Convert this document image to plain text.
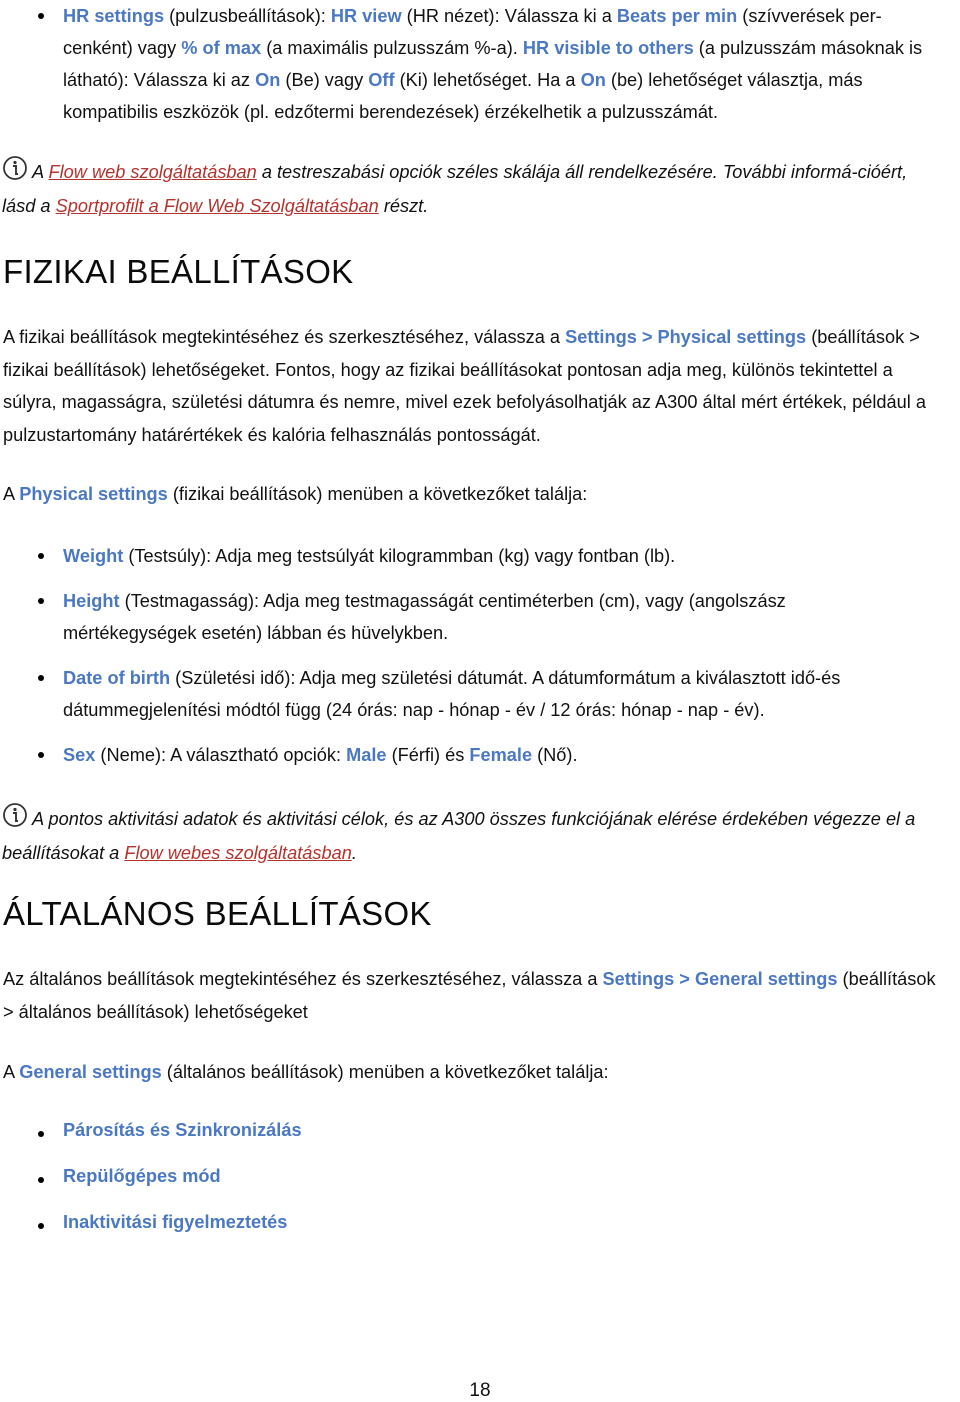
HR settings (pulzusbeállítások): HR view (HR nézet): Válassza ki a Beats per min (szívverések per-cenként) vagy % of max (a maximális pulzusszám %-a). HR visible to others (a pulzusszám másoknak is látható): Válassza ki az On (Be) vagy Off (Ki) lehetőséget. Ha a On (be) lehetőséget választja, más kompatibilis eszközök (pl. edzőtermi berendezések) érzékelhetik a pulzusszámát.
A Flow web szolgáltatásban a testreszabási opciók széles skálája áll rendelkezésére. További informá-cióért, lásd a Sportprofilt a Flow Web Szolgáltatásban részt.
FIZIKAI BEÁLLÍTÁSOK

A fizikai beállítások megtekintéséhez és szerkesztéséhez, válassza a Settings > Physical settings (beállítások > fizikai beállítások) lehetőségeket. Fontos, hogy az fizikai beállításokat pontosan adja meg, különös tekintettel a súlyra, magasságra, születési dátumra és nemre, mivel ezek befolyásolhatják az A300 által mért értékek, például a pulzustartomány határértékek és kalória felhasználás pontosságát.

A Physical settings (fizikai beállítások) menüben a következőket találja:

Weight (Testsúly): Adja meg testsúlyát kilogrammban (kg) vagy fontban (lb).
Height (Testmagasság): Adja meg testmagasságát centiméterben (cm), vagy (angolszász mértékegységek esetén) lábban és hüvelykben.
Date of birth (Születési idő): Adja meg születési dátumát. A dátumformátum a kiválasztott idő-és dátummegjelenítési módtól függ (24 órás: nap - hónap - év / 12 órás: hónap - nap - év).
Sex (Neme): A választható opciók: Male (Férfi) és Female (Nő).
A pontos aktivitási adatok és aktivitási célok, és az A300 összes funkciójának elérése érdekében végezze el a beállításokat a Flow webes szolgáltatásban.
ÁLTALÁNOS BEÁLLÍTÁSOK

Az általános beállítások megtekintéséhez és szerkesztéséhez, válassza a Settings > General settings (beállítások > általános beállítások) lehetőségeket

A General settings (általános beállítások) menüben a következőket találja:

Párosítás és Szinkronizálás
Repülőgépes mód
Inaktivitási figyelmeztetés
18
